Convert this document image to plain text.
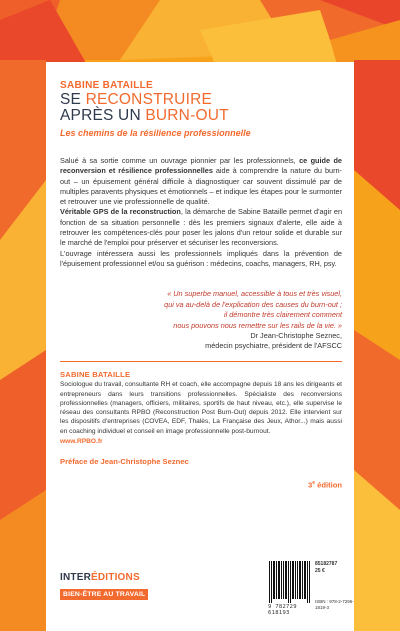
SABINE BATAILLE
SE RECONSTRUIRE
APRÈS UN BURN-OUT
Les chemins de la résilience professionnelle
Salué à sa sortie comme un ouvrage pionnier par les professionnels, ce guide de reconversion et résilience professionnelles aide à comprendre la nature du burn-out – un épuisement général difficile à diagnostiquer car souvent dissimulé par de multiples paravents physiques et émotionnels – et indique les étapes pour le surmonter et retrouver une vie professionnelle de qualité.
Véritable GPS de la reconstruction, la démarche de Sabine Bataille permet d'agir en fonction de sa situation personnelle : dès les premiers signaux d'alerte, elle aide à retrouver les compétences-clés pour poser les jalons d'un retour solide et durable sur le marché de l'emploi pour préserver et sécuriser les reconversions.
L'ouvrage intéressera aussi les professionnels impliqués dans la prévention de l'épuisement professionnel et/ou sa guérison : médecins, coachs, managers, RH, psy.
« Un superbe manuel, accessible à tous et très visuel,
qui va au-delà de l'explication des causes du burn-out ;
il démontre très clairement comment
nous pouvons nous remettre sur les rails de la vie. »
Dr Jean-Christophe Seznec,
médecin psychiatre, président de l'AFSCC
SABINE BATAILLE
Sociologue du travail, consultante RH et coach, elle accompagne depuis 18 ans les dirigeants et entrepreneurs dans leurs transitions professionnelles. Spécialiste des reconversions professionnelles (managers, officiers, militaires, sportifs de haut niveau, etc.), elle supervise le réseau des consultants RPBO (Reconstruction Post Burn-Out) depuis 2012. Elle intervient sur les dispositifs d'entreprises (COVEA, EDF, Thalès, La Française des Jeux, Athor...) mais aussi en coaching individuel et conseil en image professionnelle post-burnout.
www.RPBO.fr
Préface de Jean-Christophe Seznec
3e édition
INTERÉDITIONS
BIEN-ÊTRE AU TRAVAIL
9 782729 618193
85182787
25 €
ISBN : 978-2-7296-1819-3
